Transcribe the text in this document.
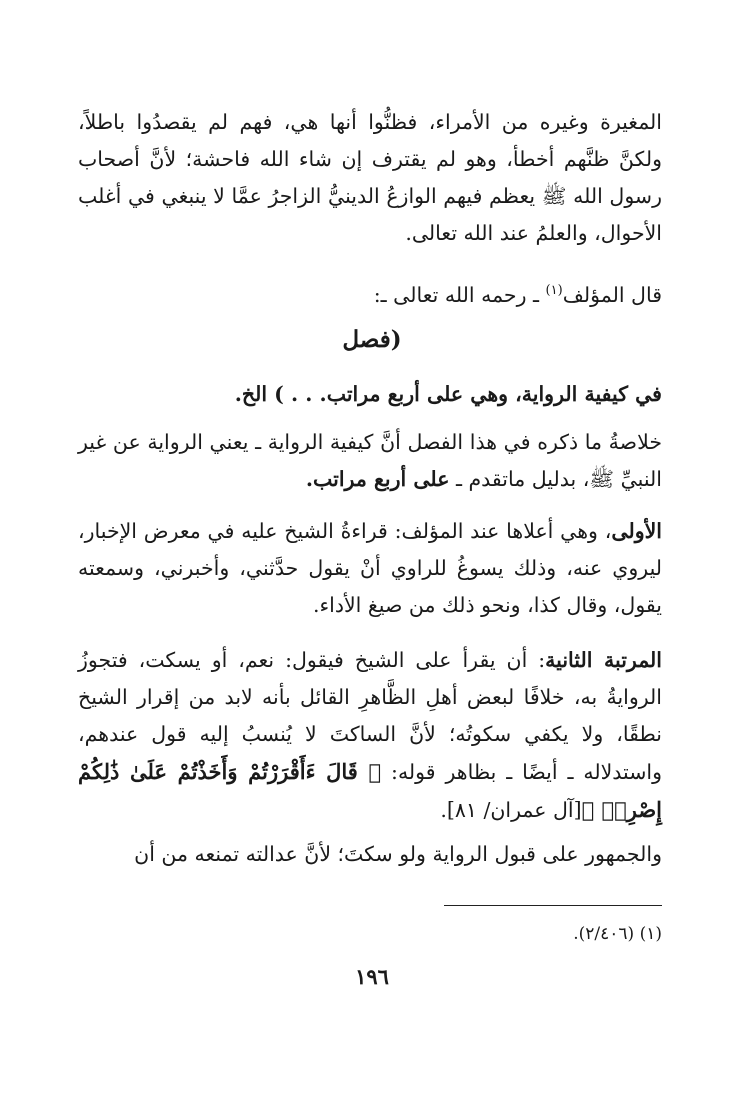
المغيرة وغيره من الأمراء، فظنُّوا أنها هي، فهم لم يقصدُوا باطلاً، ولكنَّ ظنَّهم أخطأ، وهو لم يقترف إن شاء الله فاحشة؛ لأنَّ أصحاب رسول الله ﷺ يعظم فيهم الوازعُ الدينيُّ الزاجرُ عمَّا لا ينبغي في أغلب الأحوال، والعلمُ عند الله تعالى.

قال المؤلف$^{(١)}$ ـ رحمه الله تعالى ـ:

(فصل

في كيفية الرواية، وهي على أربع مراتب. . . ) الخ.

خلاصةُ ما ذكره في هذا الفصل أنَّ كيفية الرواية ـ يعني الرواية عن غير النبيِّ ﷺ، بدليل ماتقدم ـ على أربع مراتب.

الأولى، وهي أعلاها عند المؤلف: قراءةُ الشيخ عليه في معرض الإخبار، ليروي عنه، وذلك يسوغُ للراوي أنْ يقول حدَّثني، وأخبرني، وسمعته يقول، وقال كذا، ونحو ذلك من صيغ الأداء.

المرتبة الثانية: أن يقرأ على الشيخ فيقول: نعم، أو يسكت، فتجوزُ الروايةُ به، خلافًا لبعض أهلِ الظَّاهرِ القائل بأنه لابد من إقرار الشيخ نطقًا، ولا يكفي سكوتُه؛ لأنَّ الساكتَ لا يُنسبُ إليه قول عندهم، واستدلاله ـ أيضًا ـ بظاهر قوله: ﴿ قَالَ ءَأَقْرَرْتُمْ وَأَخَذْتُمْ عَلَىٰ ذَٰلِكُمْ إِصْرِيۖ ﴾[آل عمران/ ٨١].

والجمهور على قبول الرواية ولو سكتَ؛ لأنَّ عدالته تمنعه من أن

(١) (٢/٤٠٦).
١٩٦
